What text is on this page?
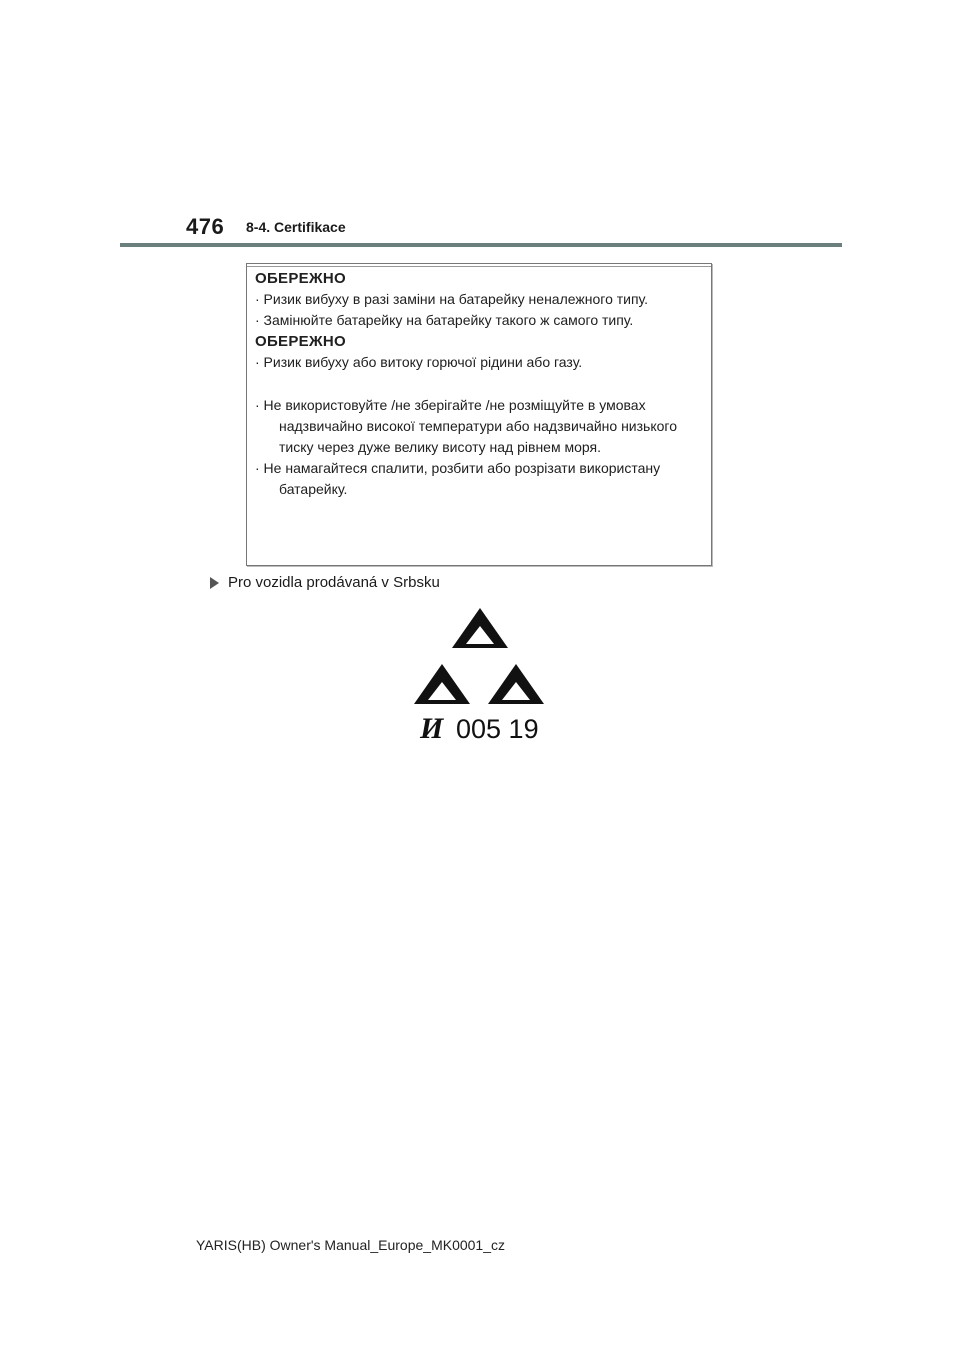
476 8-4. Certifikace
ОБЕРЕЖНО
· Ризик вибуху в разі заміни на батарейку неналежного типу.
· Замінюйте батарейку на батарейку такого ж самого типу.
ОБЕРЕЖНО
· Ризик вибуху або витоку горючої рідини або газу.
· Не використовуйте /не зберігайте /не розміщуйте в умовах
надзвичайно високої температури або надзвичайно низького
тиску через дуже велику висоту над рівнем моря.
· Не намагайтеся спалити, розбити або розрізати використану
батарейку.
Pro vozidla prodávaná v Srbsku
И 005 19
YARIS(HB) Owner's Manual_Europe_MK0001_cz
